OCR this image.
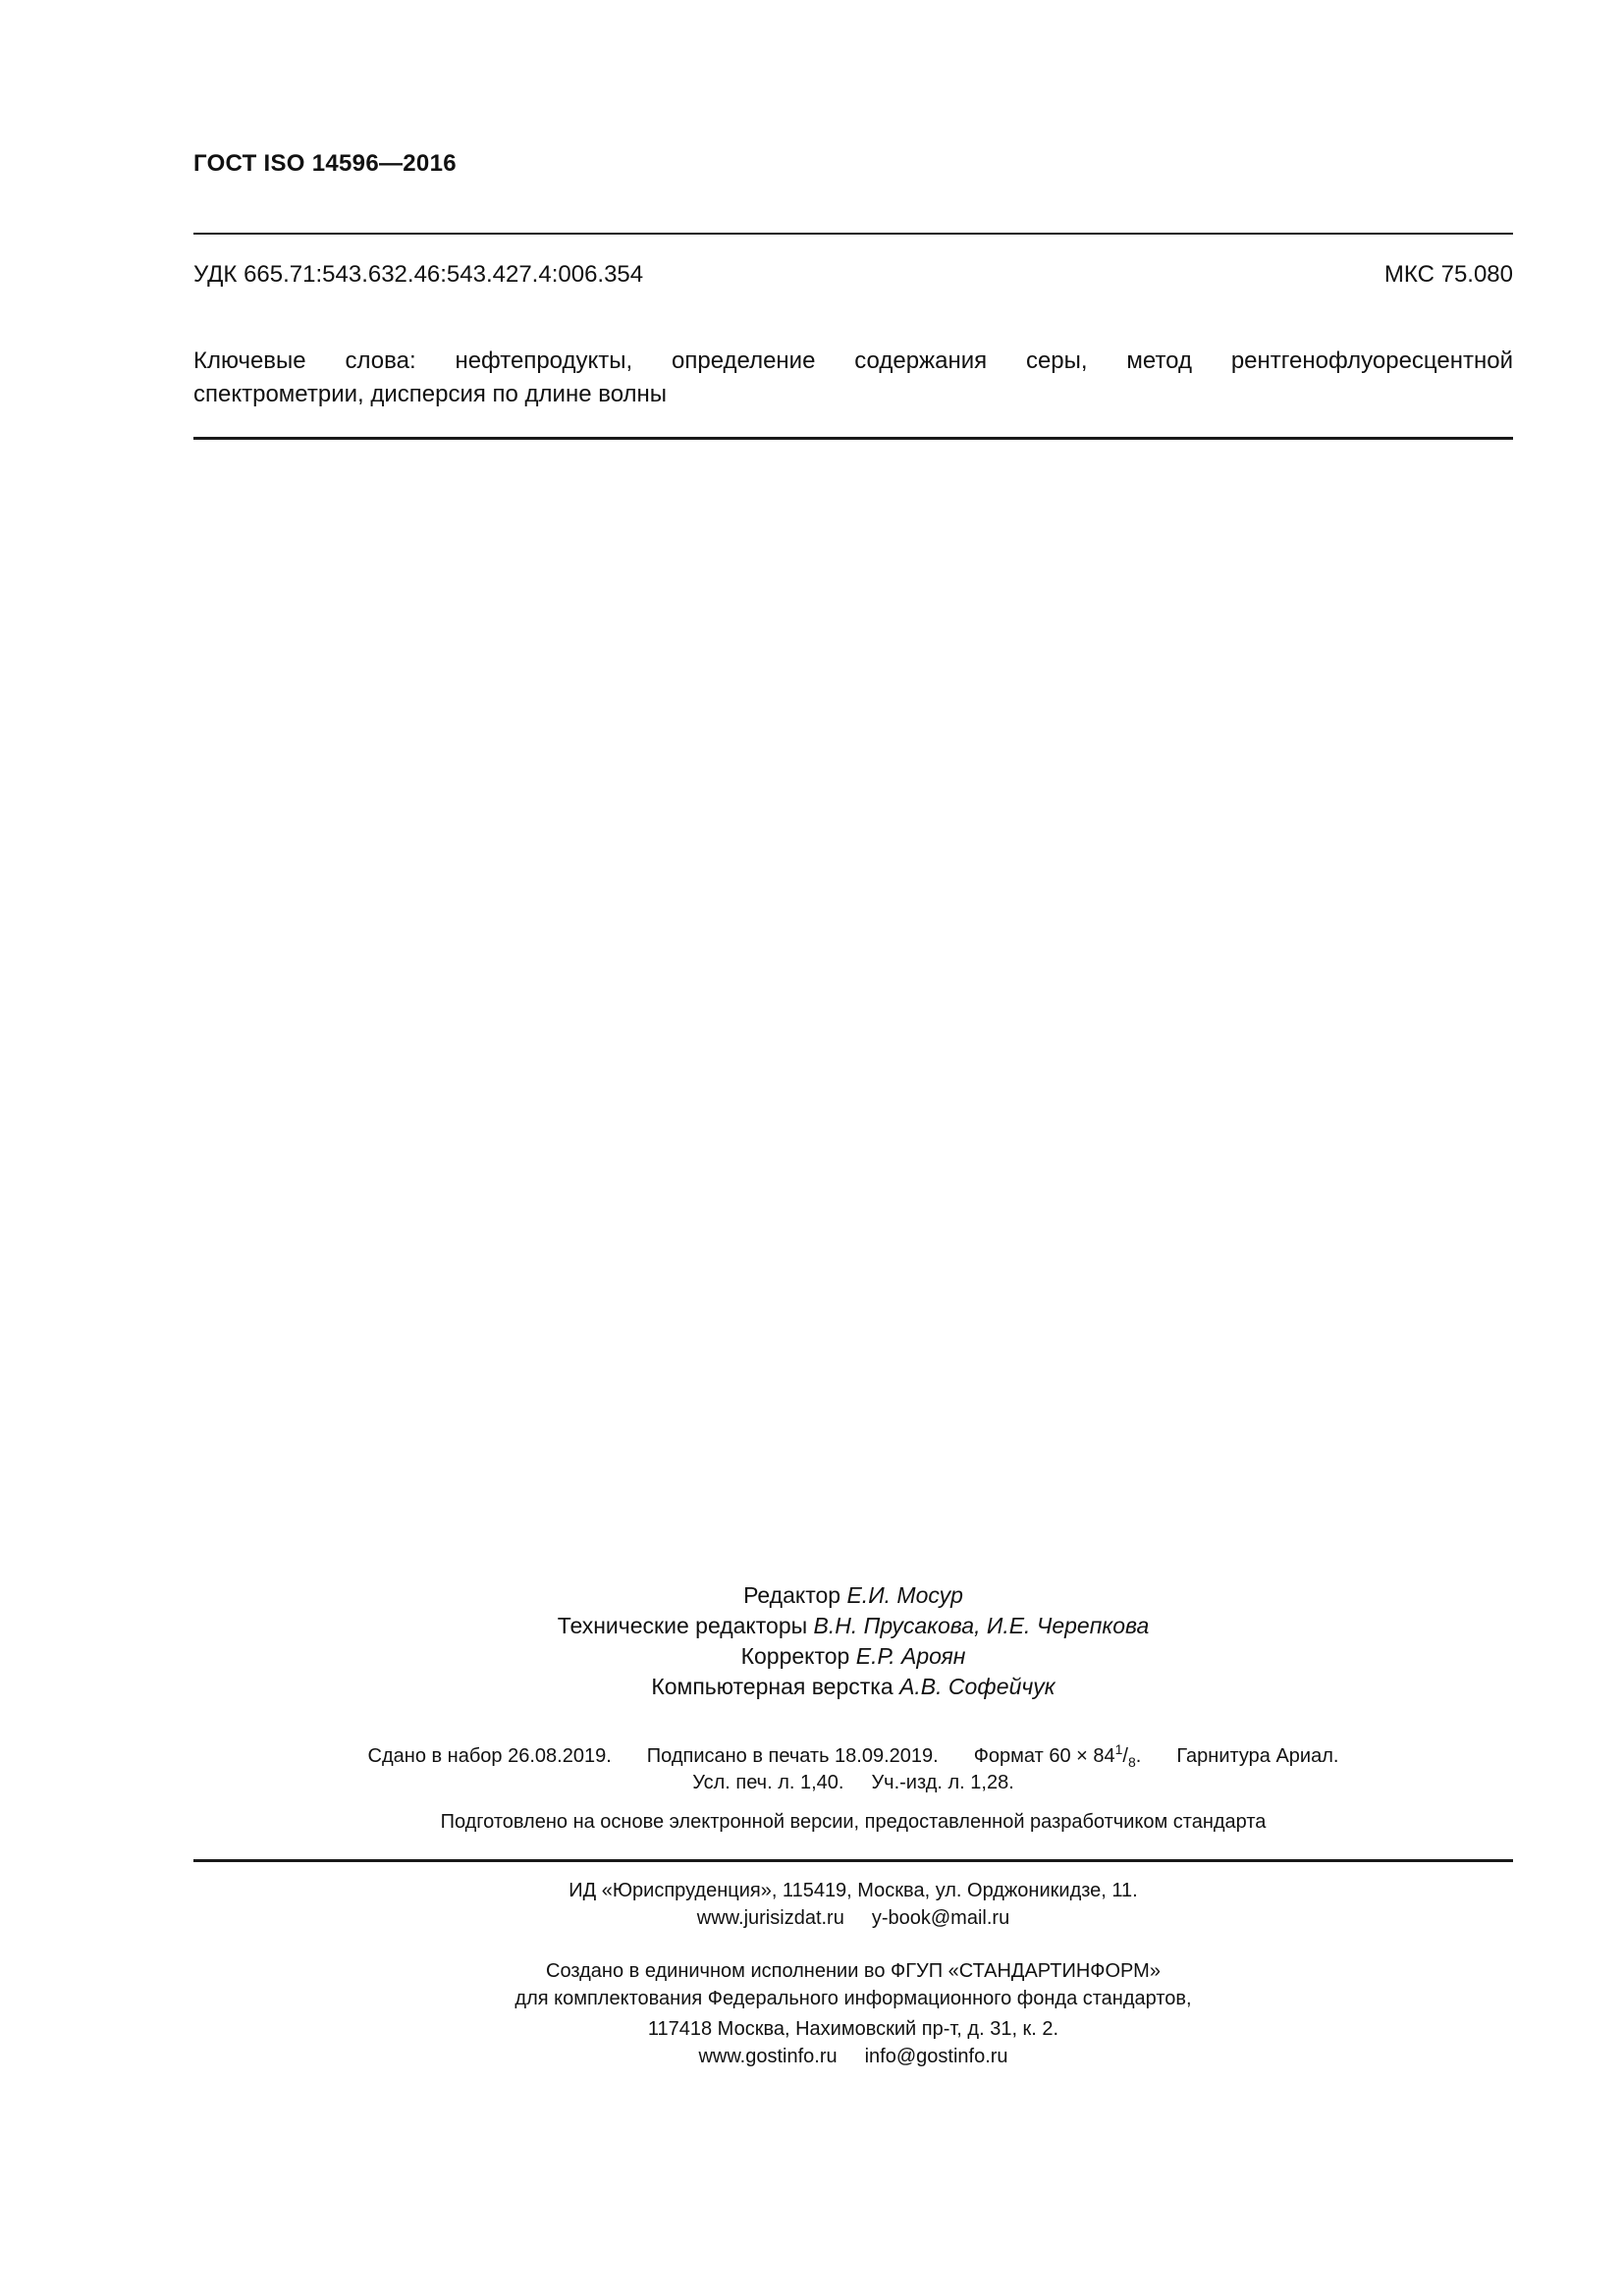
ГОСТ ISO 14596—2016
УДК 665.71:543.632.46:543.427.4:006.354	МКС 75.080
Ключевые слова: нефтепродукты, определение содержания серы, метод рентгенофлуоресцентной
спектрометрии, дисперсия по длине волны
Редактор Е.И. Мосур
Технические редакторы В.Н. Прусакова, И.Е. Черепкова
Корректор Е.Р. Ароян
Компьютерная верстка А.В. Софейчук
Сдано в набор 26.08.2019. Подписано в печать 18.09.2019. Формат $60 \times 84^1/_8$. Гарнитура Ариал.
Усл. печ. л. 1,40. Уч.-изд. л. 1,28.
Подготовлено на основе электронной версии, предоставленной разработчиком стандарта
ИД «Юриспруденция», 115419, Москва, ул. Орджоникидзе, 11.
www.jurisizdat.ru y-book@mail.ru
Создано в единичном исполнении во ФГУП «СТАНДАРТИНФОРМ»
для комплектования Федерального информационного фонда стандартов,
117418 Москва, Нахимовский пр-т, д. 31, к. 2.
www.gostinfo.ru info@gostinfo.ru
